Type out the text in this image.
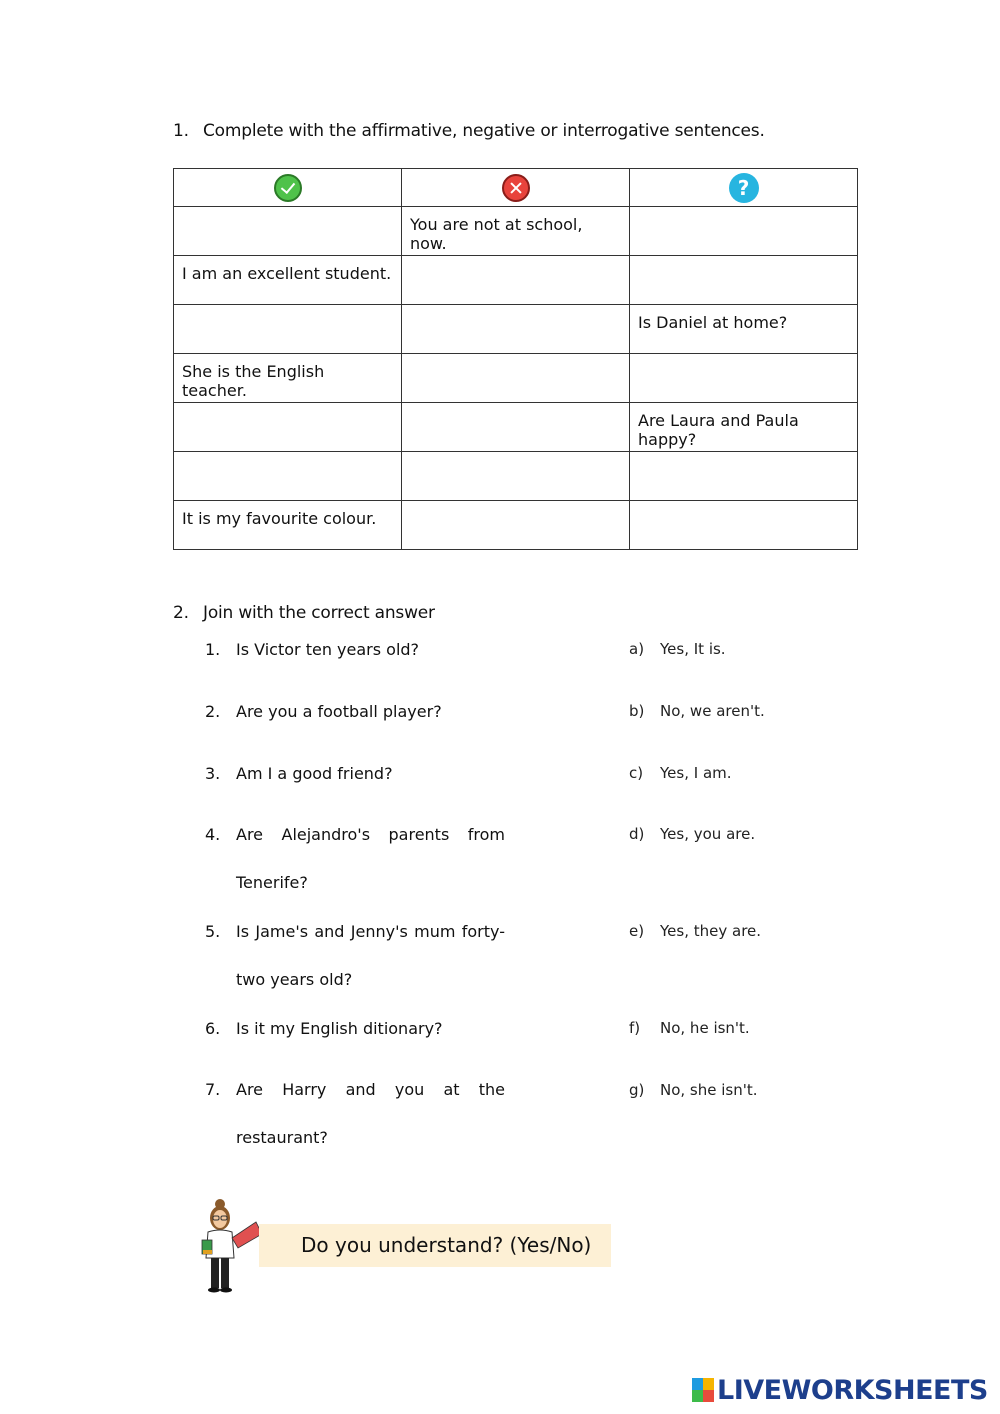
1. Complete with the affirmative, negative or interrogative sentences.
		?
	You are not at school, now.	
I am an excellent student.		
		Is Daniel at home?
She is the English teacher.		
		Are Laura and Paula happy?

It is my favourite colour.		
2. Join with the correct answer
1. Is Victor ten years old?
2. Are you a football player?
3. Am I a good friend?
4. Are Alejandro's parents from Tenerife?
5. Is Jame's and Jenny's mum forty-two years old?
6. Is it my English ditionary?
7. Are Harry and you at the restaurant?
a) Yes, It is.
b) No, we aren't.
c) Yes, I am.
d) Yes, you are.
e) Yes, they are.
f) No, he isn't.
g) No, she isn't.
Do you understand? (Yes/No)
LIVEWORKSHEETS
